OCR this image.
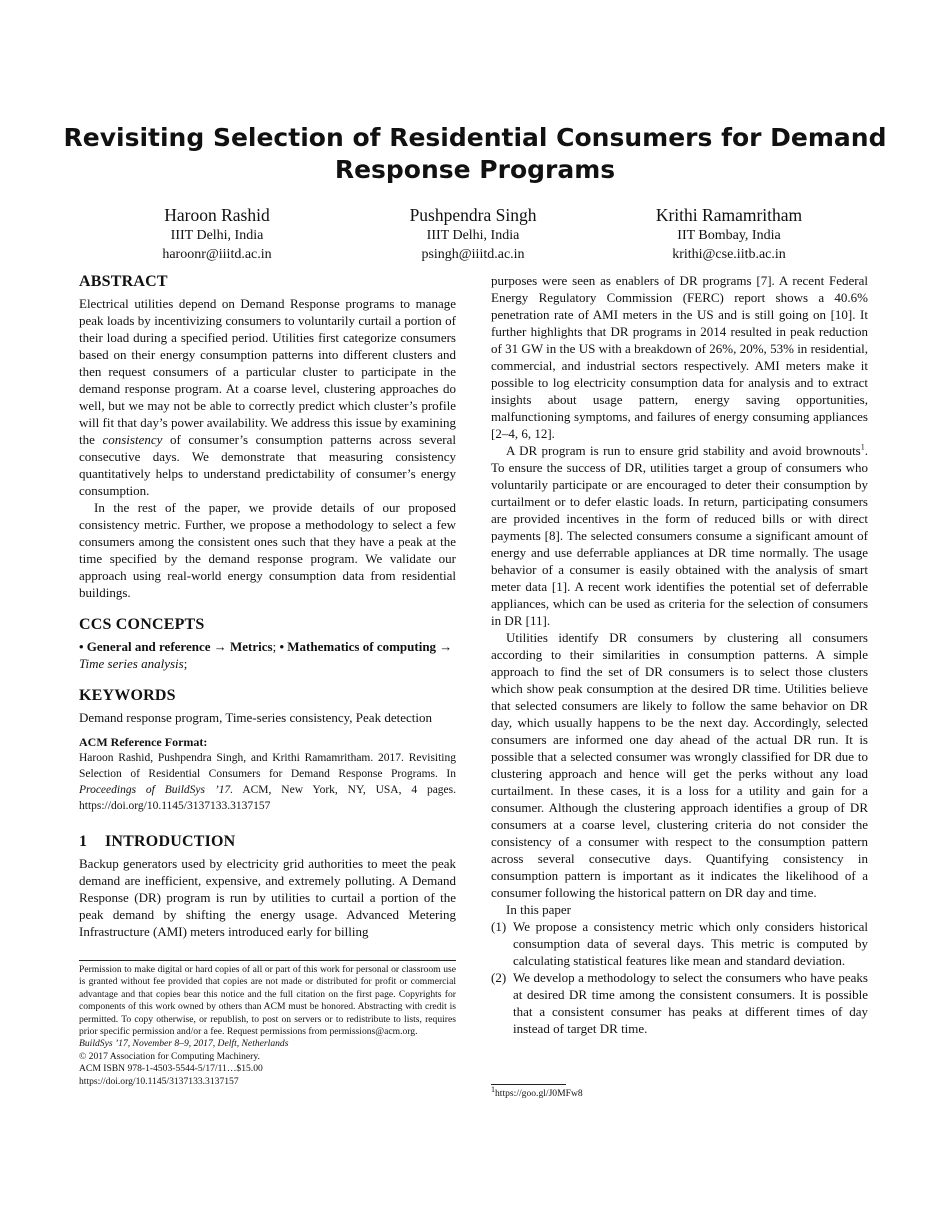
Revisiting Selection of Residential Consumers for Demand Response Programs
Haroon Rashid
IIIT Delhi, India
haroonr@iiitd.ac.in
Pushpendra Singh
IIIT Delhi, India
psingh@iiitd.ac.in
Krithi Ramamritham
IIT Bombay, India
krithi@cse.iitb.ac.in
ABSTRACT

Electrical utilities depend on Demand Response programs to manage peak loads by incentivizing consumers to voluntarily curtail a portion of their load during a specified period. Utilities first categorize consumers based on their energy consumption patterns into different clusters and then request consumers of a particular cluster to participate in the demand response program. At a coarse level, clustering approaches do well, but we may not be able to correctly predict which cluster’s profile will fit that day’s power availability. We address this issue by examining the consistency of consumer’s consumption patterns across several consecutive days. We demonstrate that measuring consistency quantitatively helps to understand predictability of consumer’s energy consumption.

In the rest of the paper, we provide details of our proposed consistency metric. Further, we propose a methodology to select a few consumers among the consistent ones such that they have a peak at the time specified by the demand response program. We validate our approach using real-world energy consumption data from residential buildings.

CCS CONCEPTS

• General and reference → Metrics; • Mathematics of computing → Time series analysis;

KEYWORDS

Demand response program, Time-series consistency, Peak detection

ACM Reference Format:

Haroon Rashid, Pushpendra Singh, and Krithi Ramamritham. 2017. Revisiting Selection of Residential Consumers for Demand Response Programs. In Proceedings of BuildSys ’17. ACM, New York, NY, USA, 4 pages. https://doi.org/10.1145/3137133.3137157

1 INTRODUCTION

Backup generators used by electricity grid authorities to meet the peak demand are inefficient, expensive, and extremely polluting. A Demand Response (DR) program is run by utilities to curtail a portion of the peak demand by shifting the energy usage. Advanced Metering Infrastructure (AMI) meters introduced early for billing

Permission to make digital or hard copies of all or part of this work for personal or classroom use is granted without fee provided that copies are not made or distributed for profit or commercial advantage and that copies bear this notice and the full citation on the first page. Copyrights for components of this work owned by others than ACM must be honored. Abstracting with credit is permitted. To copy otherwise, or republish, to post on servers or to redistribute to lists, requires prior specific permission and/or a fee. Request permissions from permissions@acm.org.

BuildSys ’17, November 8–9, 2017, Delft, Netherlands

© 2017 Association for Computing Machinery.

ACM ISBN 978-1-4503-5544-5/17/11…$15.00

https://doi.org/10.1145/3137133.3137157

purposes were seen as enablers of DR programs [7]. A recent Federal Energy Regulatory Commission (FERC) report shows a 40.6% penetration rate of AMI meters in the US and is still going on [10]. It further highlights that DR programs in 2014 resulted in peak reduction of 31 GW in the US with a breakdown of 26%, 20%, 53% in residential, commercial, and industrial sectors respectively. AMI meters make it possible to log electricity consumption data for analysis and to extract insights about usage pattern, energy saving opportunities, malfunctioning symptoms, and failures of energy consuming appliances [2–4, 6, 12].

A DR program is run to ensure grid stability and avoid brownouts$^1$. To ensure the success of DR, utilities target a group of consumers who voluntarily participate or are encouraged to deter their consumption by curtailment or to defer elastic loads. In return, participating consumers are provided incentives in the form of reduced bills or with direct payments [8]. The selected consumers consume a significant amount of energy and use deferrable appliances at DR time normally. The usage behavior of a consumer is easily obtained with the analysis of smart meter data [1]. A recent work identifies the potential set of deferrable appliances, which can be used as criteria for the selection of consumers in DR [11].

Utilities identify DR consumers by clustering all consumers according to their similarities in consumption patterns. A simple approach to find the set of DR consumers is to select those clusters which show peak consumption at the desired DR time. Utilities believe that selected consumers are likely to follow the same behavior on DR day, which usually happens to be the next day. Accordingly, selected consumers are informed one day ahead of the actual DR run. It is possible that a selected consumer was wrongly classified for DR due to clustering approach and hence will get the perks without any load curtailment. In these cases, it is a loss for a utility and gain for a consumer. Although the clustering approach identifies a group of DR consumers at a coarse level, clustering criteria do not consider the consistency of a consumer with respect to the consumption pattern across several consecutive days. Quantifying consistency in consumption pattern is important as it indicates the likelihood of a consumer following the historical pattern on DR day and time.

In this paper

(1) We propose a consistency metric which only considers historical consumption data of several days. This metric is computed by calculating statistical features like mean and standard deviation.
(2) We develop a methodology to select the consumers who have peaks at desired DR time among the consistent consumers. It is possible that a consistent consumer has peaks at different times of day instead of target DR time.
$^1$https://goo.gl/J0MFw8
